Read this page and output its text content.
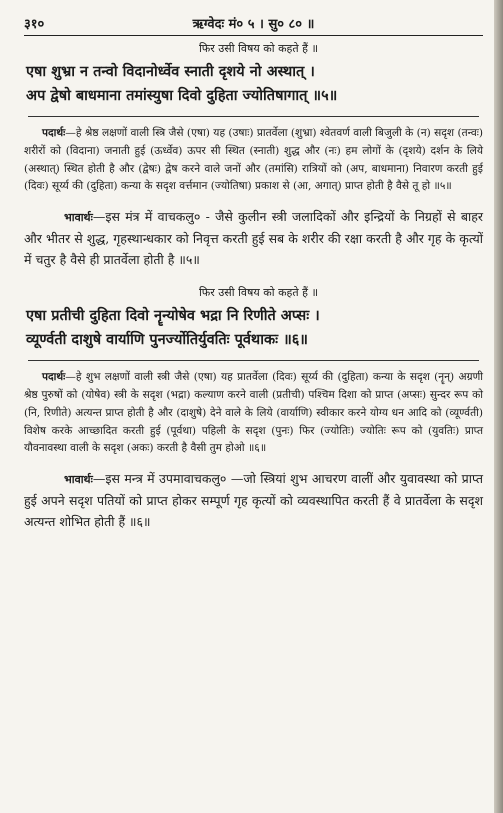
३१०	ऋग्वेदः मं० ५ । सु० ८० ॥
फिर उसी विषय को कहते हैं ॥
एषा शुभ्रा न तन्वो विदानोर्ध्वेव स्नाती दृशये नो अस्थात् ।
अप द्वेषो बाधमाना तमांस्युषा दिवो दुहिता ज्योतिषागात् ॥५॥

पदार्थः—हे श्रेष्ठ लक्षणों वाली स्त्रि जैसे (एषा) यह (उषाः) प्रातर्वेला (शुभ्रा) श्वेतवर्ण वाली बिजुली के (न) सदृश (तन्वः) शरीरों को (विदाना) जनाती हुई (ऊर्ध्वेव) ऊपर सी स्थित (स्नाती) शुद्ध और (नः) हम लोगों के (दृशये) दर्शन के लिये (अस्थात्) स्थित होती है और (द्वेषः) द्वेष करने वाले जनों और (तमांसि) रात्रियों को (अप, बाधमाना) निवारण करती हुई (दिवः) सूर्य्य की (दुहिता) कन्या के सदृश वर्त्तमान (ज्योतिषा) प्रकाश से (आ, अगात्) प्राप्त होती है वैसे तू हो ॥५॥

भावार्थः—इस मंत्र में वाचकलु० - जैसे कुलीन स्त्री जलादिकों और इन्द्रियों के निग्रहों से बाहर और भीतर से शुद्ध, गृहस्थान्धकार को निवृत्त करती हुई सब के शरीर की रक्षा करती है और गृह के कृत्यों में चतुर है वैसे ही प्रातर्वेला होती है ॥५॥

फिर उसी विषय को कहते हैं ॥
एषा प्रतीची दुहिता दिवो नॄन्योषेव भद्रा नि रिणीते अप्सः ।
व्यूर्ण्वती दाशुषे वार्याणि पुनर्ज्योतिर्युवतिः पूर्वथाकः ॥६॥

पदार्थः—हे शुभ लक्षणों वाली स्त्री जैसे (एषा) यह प्रातर्वेला (दिवः) सूर्य्य की (दुहिता) कन्या के सदृश (नॄन्) अग्रणी श्रेष्ठ पुरुषों को (योषेव) स्त्री के सदृश (भद्रा) कल्याण करने वाली (प्रतीची) पश्चिम दिशा को प्राप्त (अप्सः) सुन्दर रूप को (नि, रिणीते) अत्यन्त प्राप्त होती है और (दाशुषे) देने वाले के लिये (वार्याणि) स्वीकार करने योग्य धन आदि को (व्यूर्ण्वती) विशेष करके आच्छादित करती हुई (पूर्वथा) पहिली के सदृश (पुनः) फिर (ज्योतिः) ज्योतिः रूप को (युवतिः) प्राप्त यौवनावस्था वाली के सदृश (अकः) करती है वैसी तुम होओ ॥६॥

भावार्थः—इस मन्त्र में उपमावाचकलु० —जो स्त्रियां शुभ आचरण वालीं और युवावस्था को प्राप्त हुई अपने सदृश पतियों को प्राप्त होकर सम्पूर्ण गृह कृत्यों को व्यवस्थापित करती हैं वे प्रातर्वेला के सदृश अत्यन्त शोभित होती हैं ॥६॥
